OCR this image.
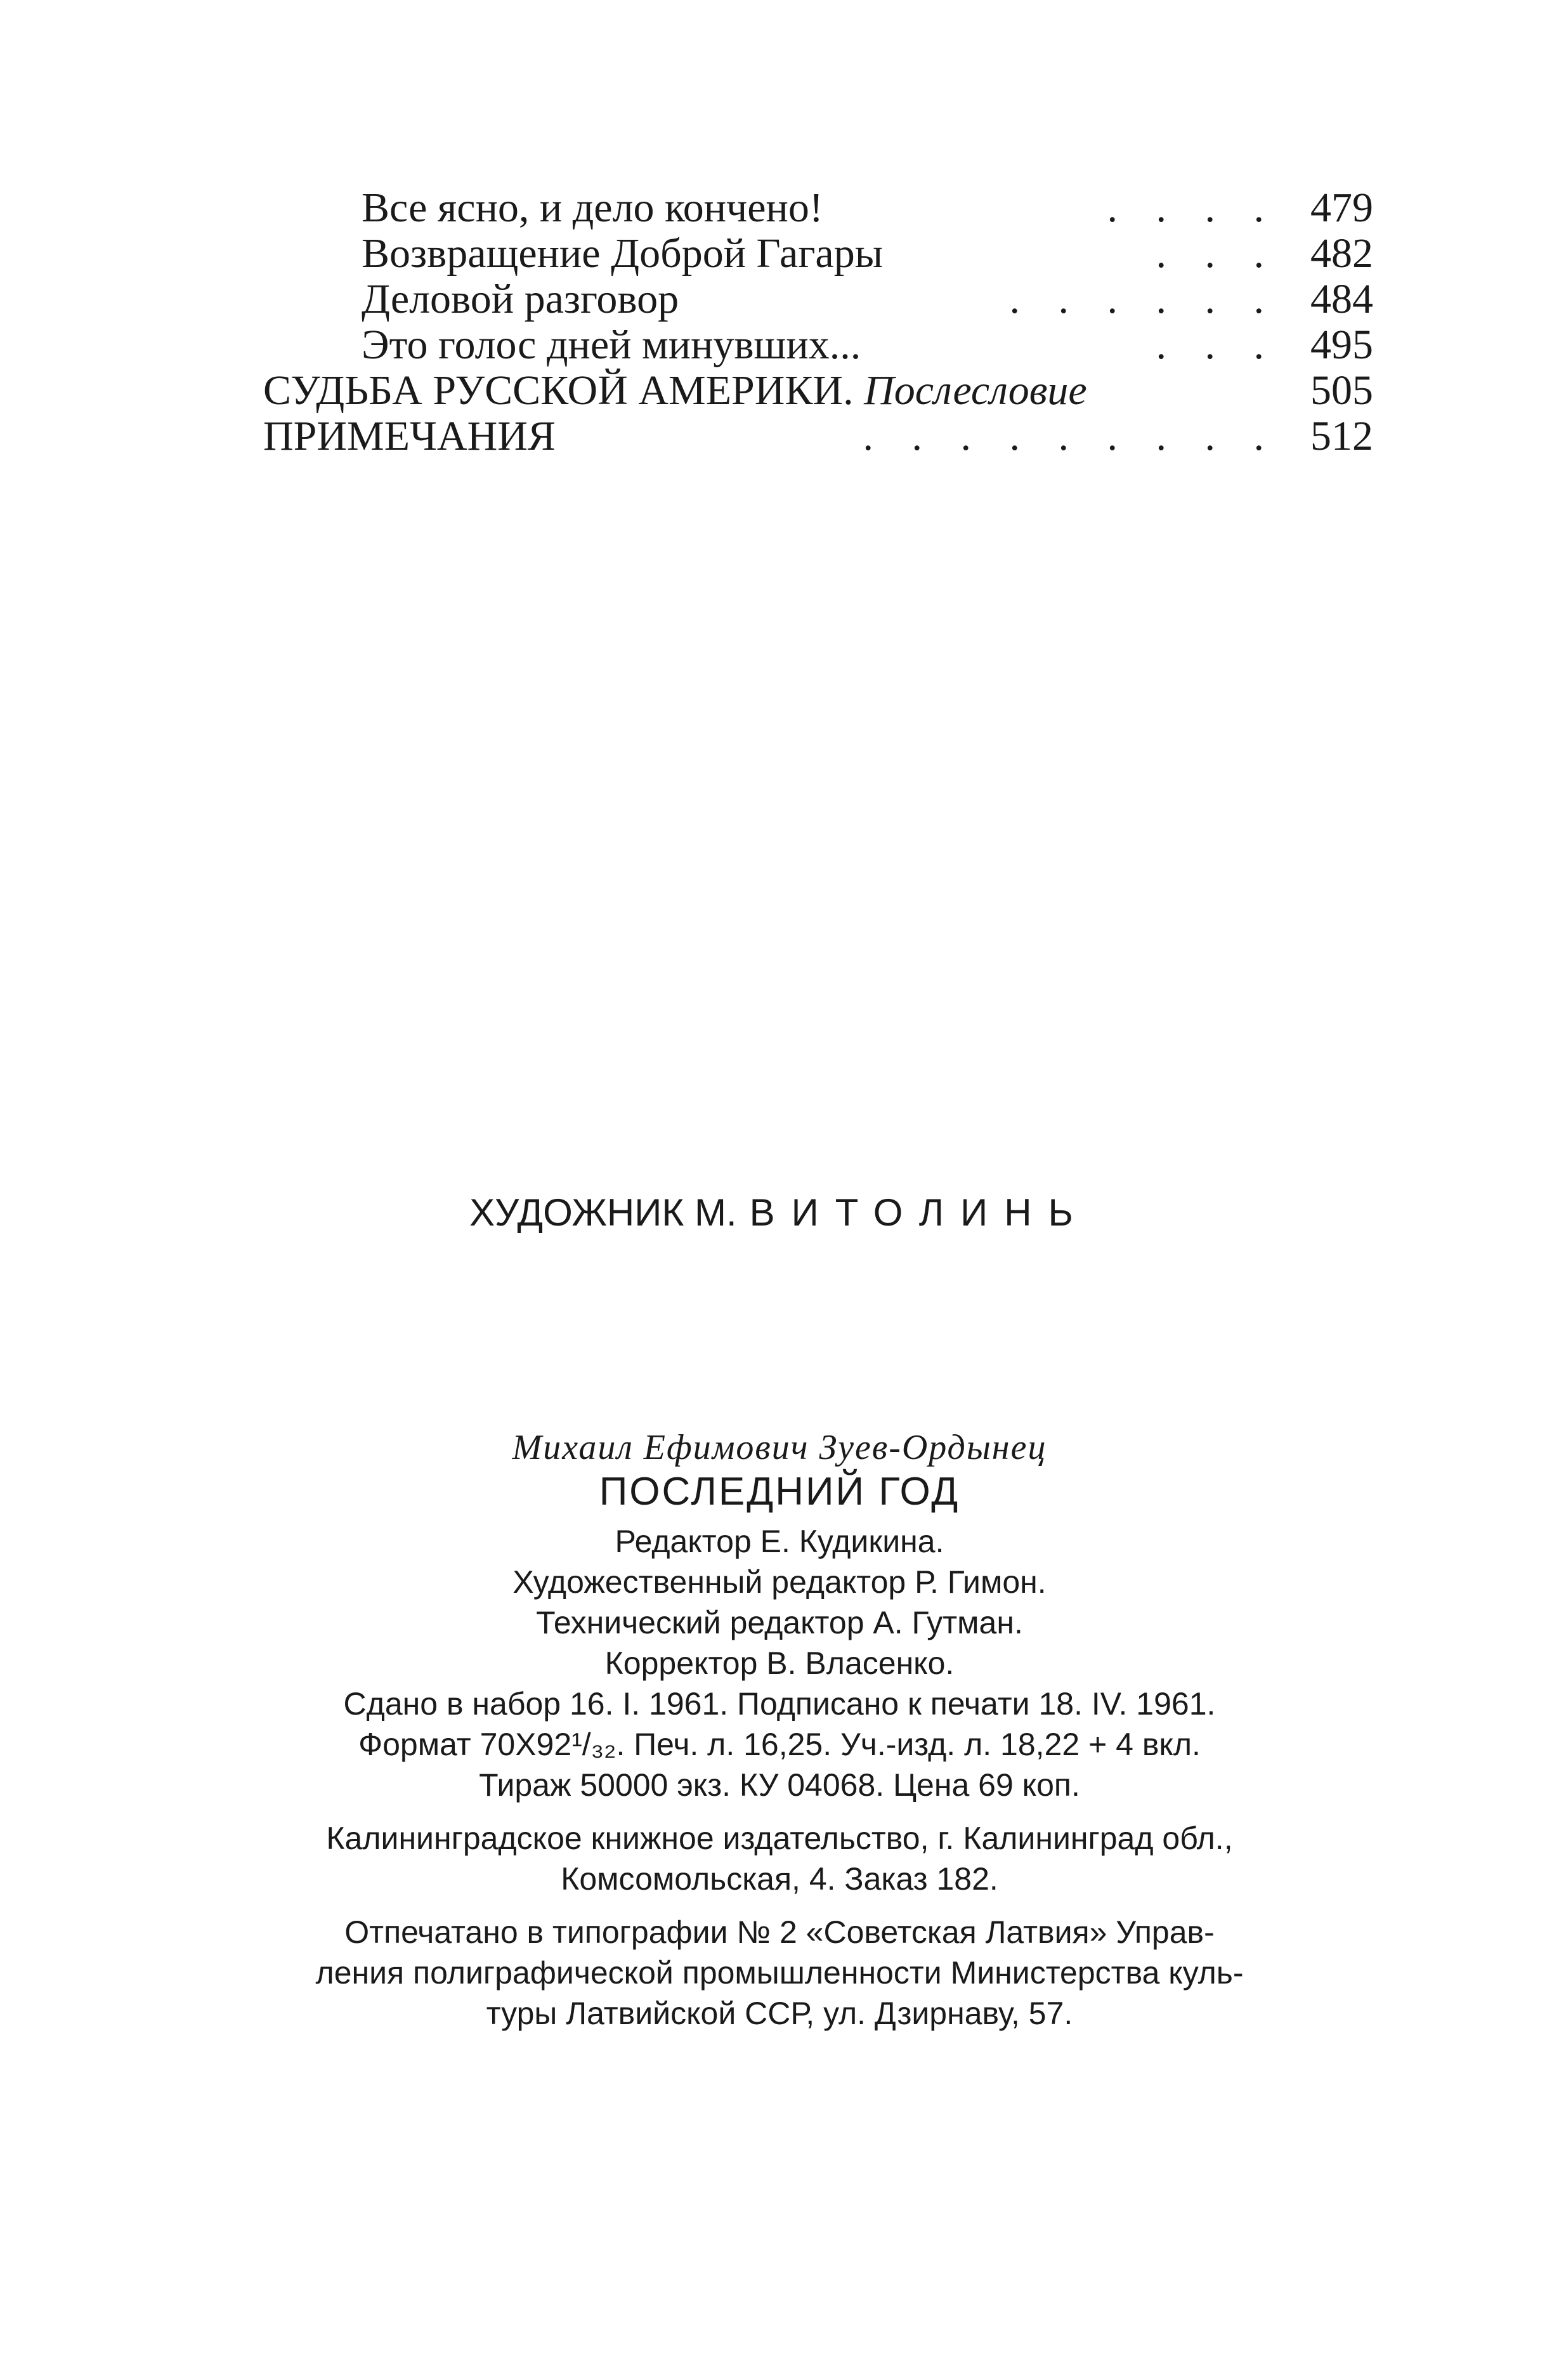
Все ясно, и дело кончено!	. . . . 479
Возвращение Доброй Гагары	. . . 482
Деловой разговор	. . . . . . 484
Это голос дней минувших...	. . . 495
СУДЬБА РУССКОЙ АМЕРИКИ. Послесловие	505
ПРИМЕЧАНИЯ	. . . . . . . . . 512
ХУДОЖНИК М. ВИТОЛИНЬ
Михаил Ефимович Зуев-Ордынец
ПОСЛЕДНИЙ ГОД
Редактор Е. Кудикина.
Художественный редактор Р. Гимон.
Технический редактор А. Гутман.
Корректор В. Власенко.
Сдано в набор 16. I. 1961. Подписано к печати 18. IV. 1961.
Формат 70X92¹/₃₂. Печ. л. 16,25. Уч.-изд. л. 18,22 + 4 вкл.
Тираж 50000 экз. КУ 04068. Цена 69 коп.
Калининградское книжное издательство, г. Калининград обл.,
Комсомольская, 4. Заказ 182.
Отпечатано в типографии № 2 «Советская Латвия» Управ-
ления полиграфической промышленности Министерства куль-
туры Латвийской ССР, ул. Дзирнаву, 57.
